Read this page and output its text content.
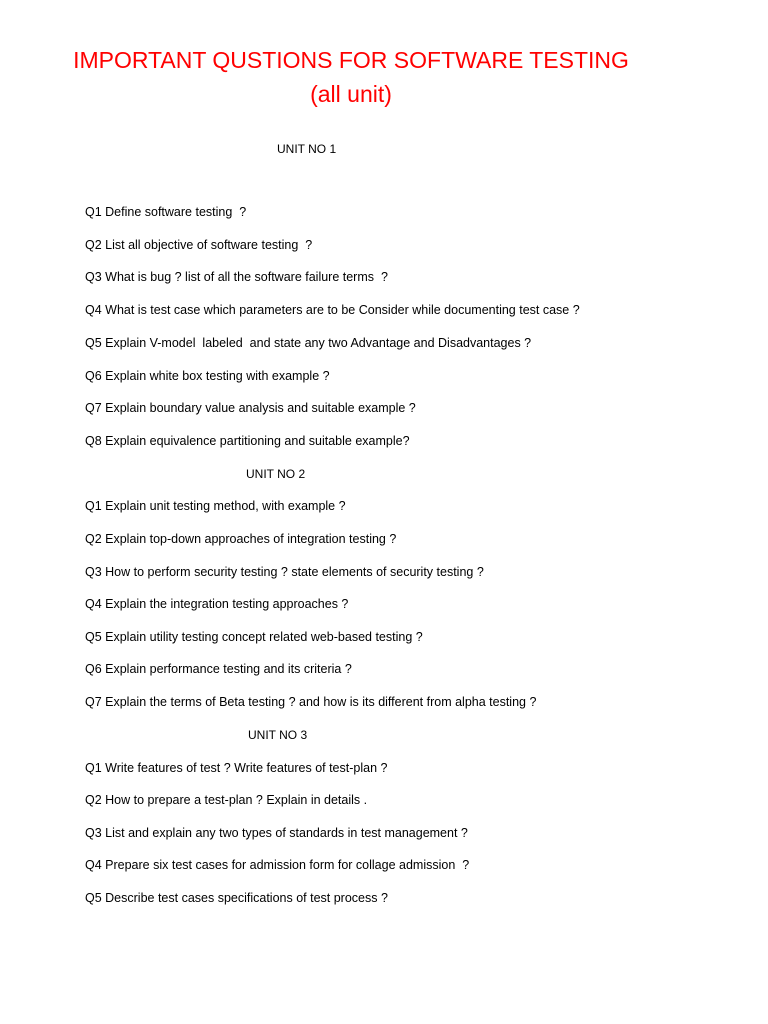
IMPORTANT QUSTIONS FOR SOFTWARE TESTING
(all unit)
UNIT NO 1
Q1 Define software testing  ?
Q2 List all objective of software testing  ?
Q3 What is bug ? list of all the software failure terms  ?
Q4 What is test case which parameters are to be Consider while documenting test case ?
Q5 Explain V-model  labeled  and state any two Advantage and Disadvantages ?
Q6 Explain white box testing with example ?
Q7 Explain boundary value analysis and suitable example ?
Q8 Explain equivalence partitioning and suitable example?
UNIT NO 2
Q1 Explain unit testing method, with example ?
Q2 Explain top-down approaches of integration testing ?
Q3 How to perform security testing ? state elements of security testing ?
Q4 Explain the integration testing approaches ?
Q5 Explain utility testing concept related web-based testing ?
Q6 Explain performance testing and its criteria ?
Q7 Explain the terms of Beta testing ? and how is its different from alpha testing ?
UNIT NO 3
Q1 Write features of test ? Write features of test-plan ?
Q2 How to prepare a test-plan ? Explain in details .
Q3 List and explain any two types of standards in test management ?
Q4 Prepare six test cases for admission form for collage admission  ?
Q5 Describe test cases specifications of test process ?
